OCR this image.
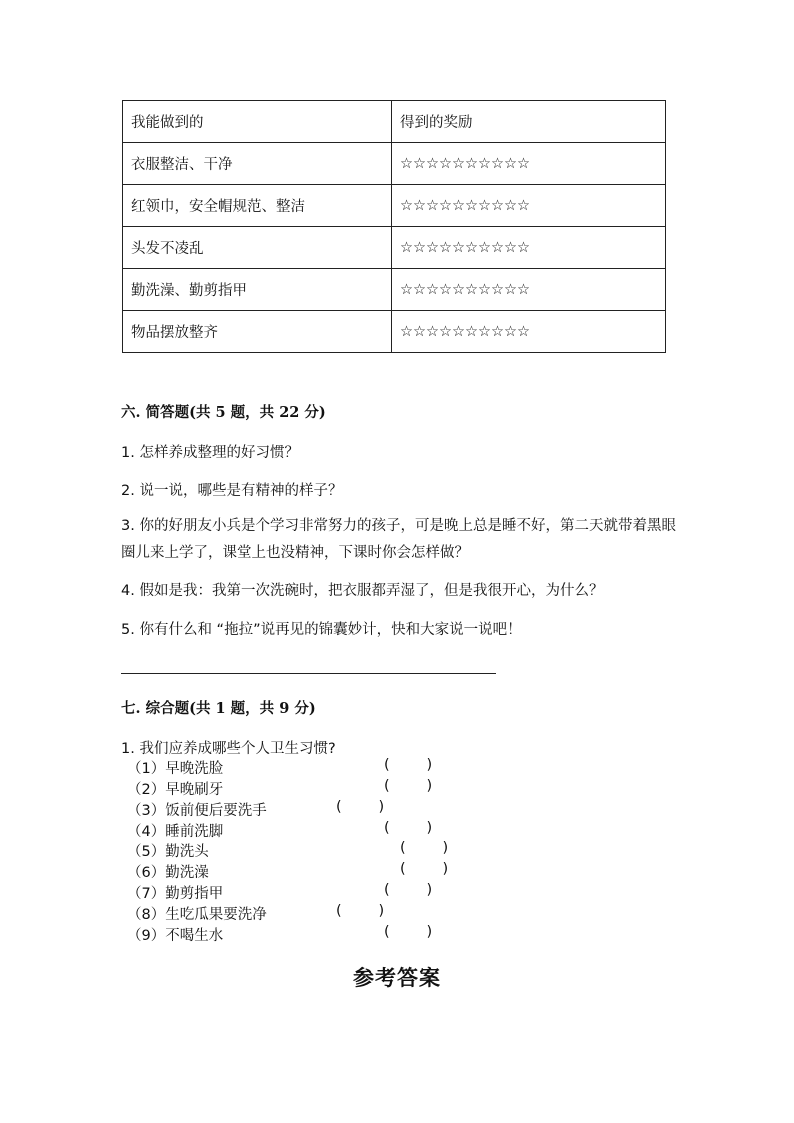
我能做到的	得到的奖励
衣服整洁、干净	☆☆☆☆☆☆☆☆☆☆
红领巾，安全帽规范、整洁	☆☆☆☆☆☆☆☆☆☆
头发不凌乱	☆☆☆☆☆☆☆☆☆☆
勤洗澡、勤剪指甲	☆☆☆☆☆☆☆☆☆☆
物品摆放整齐	☆☆☆☆☆☆☆☆☆☆
六. 简答题(共 5 题，共 22 分)
1. 怎样养成整理的好习惯？
2. 说一说，哪些是有精神的样子？
3. 你的好朋友小兵是个学习非常努力的孩子，可是晚上总是睡不好，第二天就带着黑眼圈儿来上学了，课堂上也没精神，下课时你会怎样做？
4. 假如是我：我第一次洗碗时，把衣服都弄湿了，但是我很开心，为什么？
5. 你有什么和 “拖拉”说再见的锦囊妙计，快和大家说一说吧！
七. 综合题(共 1 题，共 9 分)
1. 我们应养成哪些个人卫生习惯?
（1）早晚洗脸	(        )
（2）早晚刷牙	(        )
（3）饭前便后要洗手	(        )
（4）睡前洗脚	(        )
（5）勤洗头	(        )
（6）勤洗澡	(        )
（7）勤剪指甲	(        )
（8）生吃瓜果要洗净	(        )
（9）不喝生水	(        )
参考答案
